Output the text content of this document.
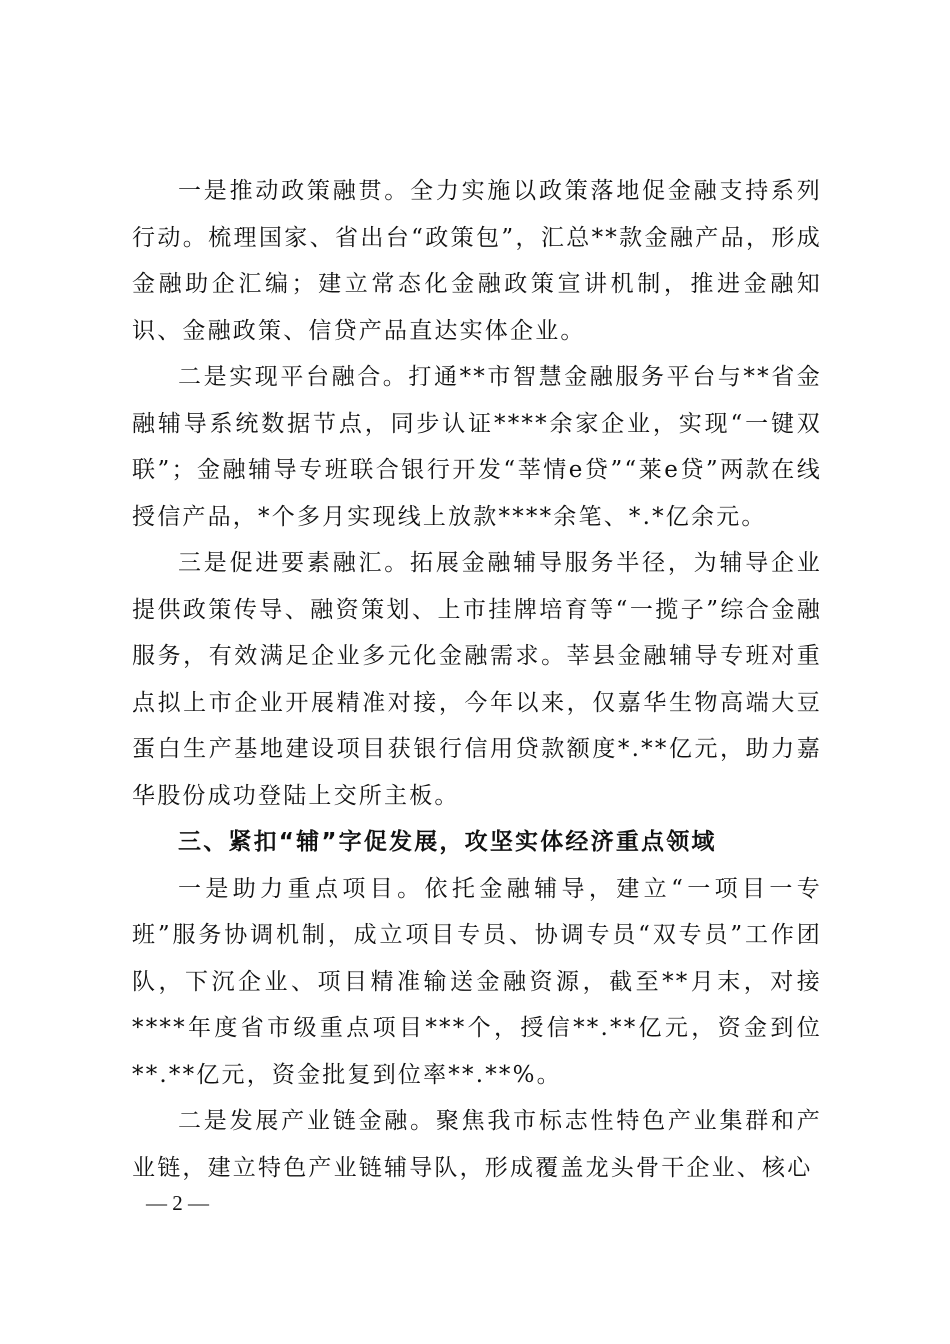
一是推动政策融贯。全力实施以政策落地促金融支持系列行动。梳理国家、省出台“政策包”，汇总**款金融产品，形成金融助企汇编；建立常态化金融政策宣讲机制，推进金融知识、金融政策、信贷产品直达实体企业。

二是实现平台融合。打通**市智慧金融服务平台与**省金融辅导系统数据节点，同步认证****余家企业，实现“一键双联”；金融辅导专班联合银行开发“莘情e贷”“莱e贷”两款在线授信产品，*个多月实现线上放款****余笔、*.*亿余元。

三是促进要素融汇。拓展金融辅导服务半径，为辅导企业提供政策传导、融资策划、上市挂牌培育等“一揽子”综合金融服务，有效满足企业多元化金融需求。莘县金融辅导专班对重点拟上市企业开展精准对接，今年以来，仅嘉华生物高端大豆蛋白生产基地建设项目获银行信用贷款额度*.**亿元，助力嘉华股份成功登陆上交所主板。

三、紧扣“辅”字促发展，攻坚实体经济重点领域

一是助力重点项目。依托金融辅导，建立“一项目一专班”服务协调机制，成立项目专员、协调专员“双专员”工作团队，下沉企业、项目精准输送金融资源，截至**月末，对接****年度省市级重点项目***个，授信**.**亿元，资金到位**.**亿元，资金批复到位率**.**%。

二是发展产业链金融。聚焦我市标志性特色产业集群和产业链，建立特色产业链辅导队，形成覆盖龙头骨干企业、核心

— 2 —
